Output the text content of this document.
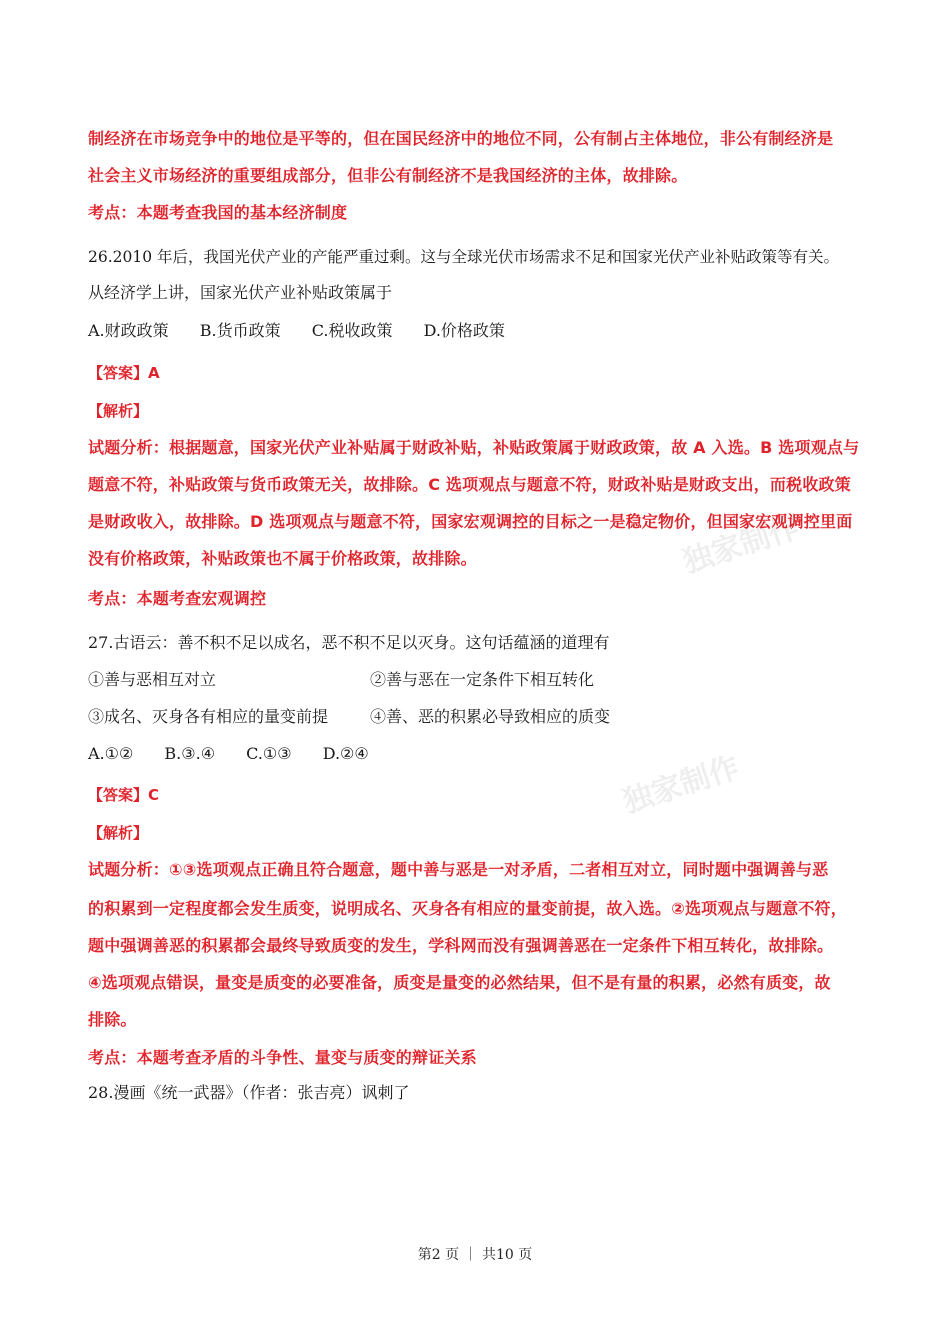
独家制作
独家制作
制经济在市场竞争中的地位是平等的，但在国民经济中的地位不同，公有制占主体地位，非公有制经济是
社会主义市场经济的重要组成部分，但非公有制经济不是我国经济的主体，故排除。
考点：本题考查我国的基本经济制度
26.2010 年后，我国光伏产业的产能严重过剩。这与全球光伏市场需求不足和国家光伏产业补贴政策等有关。
从经济学上讲，国家光伏产业补贴政策属于
A.财政政策 B.货币政策 C.税收政策 D.价格政策
【答案】A
【解析】
试题分析：根据题意，国家光伏产业补贴属于财政补贴，补贴政策属于财政政策，故 A 入选。B 选项观点与
题意不符，补贴政策与货币政策无关，故排除。C 选项观点与题意不符，财政补贴是财政支出，而税收政策
是财政收入，故排除。D 选项观点与题意不符，国家宏观调控的目标之一是稳定物价，但国家宏观调控里面
没有价格政策，补贴政策也不属于价格政策，故排除。
考点：本题考查宏观调控
27.古语云：善不积不足以成名，恶不积不足以灭身。这句话蕴涵的道理有
①善与恶相互对立	②善与恶在一定条件下相互转化
③成名、灭身各有相应的量变前提	④善、恶的积累必导致相应的质变
A.①② B.③.④ C.①③ D.②④
【答案】C
【解析】
试题分析：①③选项观点正确且符合题意，题中善与恶是一对矛盾，二者相互对立，同时题中强调善与恶
的积累到一定程度都会发生质变，说明成名、灭身各有相应的量变前提，故入选。②选项观点与题意不符，
题中强调善恶的积累都会最终导致质变的发生，学科网而没有强调善恶在一定条件下相互转化，故排除。
④选项观点错误，量变是质变的必要准备，质变是量变的必然结果，但不是有量的积累，必然有质变，故
排除。
考点：本题考查矛盾的斗争性、量变与质变的辩证关系
28.漫画《统一武器》（作者：张吉亮）讽刺了
第2 页 ｜ 共10 页
